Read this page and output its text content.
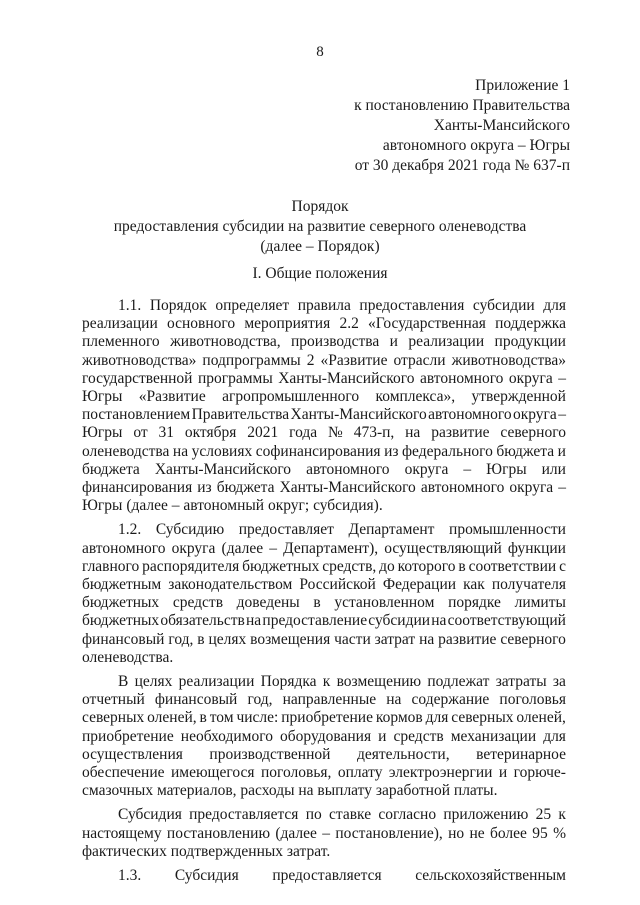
8
Приложение 1
к постановлению Правительства
Ханты-Мансийского
автономного округа – Югры
от 30 декабря 2021 года № 637-п
Порядок
предоставления субсидии на развитие северного оленеводства
(далее – Порядок)
I. Общие положения
1.1. Порядок определяет правила предоставления субсидии для
реализации основного мероприятия 2.2 «Государственная поддержка
племенного животноводства, производства и реализации продукции
животноводства» подпрограммы 2 «Развитие отрасли животноводства»
государственной программы Ханты-Мансийского автономного округа –
Югры «Развитие агропромышленного комплекса», утвержденной
постановлением Правительства Ханты-Мансийского автономного округа –
Югры от 31 октября 2021 года № 473-п, на развитие северного
оленеводства на условиях софинансирования из федерального бюджета и
бюджета Ханты-Мансийского автономного округа – Югры или
финансирования из бюджета Ханты-Мансийского автономного округа –
Югры (далее – автономный округ; субсидия).
1.2. Субсидию предоставляет Департамент промышленности
автономного округа (далее – Департамент), осуществляющий функции
главного распорядителя бюджетных средств, до которого в соответствии с
бюджетным законодательством Российской Федерации как получателя
бюджетных средств доведены в установленном порядке лимиты
бюджетных обязательств на предоставление субсидии на соответствующий
финансовый год, в целях возмещения части затрат на развитие северного
оленеводства.
В целях реализации Порядка к возмещению подлежат затраты за
отчетный финансовый год, направленные на содержание поголовья
северных оленей, в том числе: приобретение кормов для северных оленей,
приобретение необходимого оборудования и средств механизации для
осуществления производственной деятельности, ветеринарное
обеспечение имеющегося поголовья, оплату электроэнергии и горюче-
смазочных материалов, расходы на выплату заработной платы.
Субсидия предоставляется по ставке согласно приложению 25 к
настоящему постановлению (далее – постановление), но не более 95 %
фактических подтвержденных затрат.
1.3. Субсидия предоставляется сельскохозяйственным
